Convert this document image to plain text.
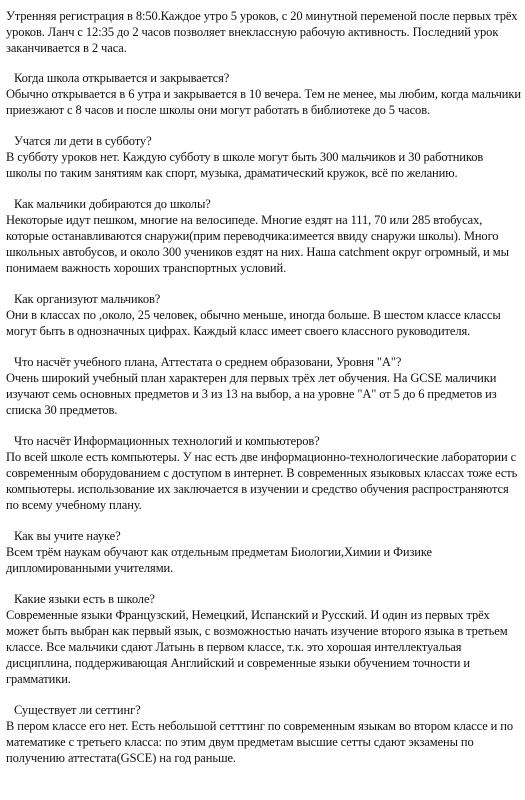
Утренняя регистрация в 8:50.Каждое утро 5 уроков, с 20 минутной переменой после первых трёх уроков. Ланч с 12:35 до 2 часов позволяет внеклассную рабочую активность. Последний урок заканчивается в 2 часа.

Когда школа открывается и закрывается?
Обычно открывается в 6 утра и закрывается в 10 вечера. Тем не менее, мы любим, когда мальчики приезжают с 8 часов и после школы они могут работать в библиотеке до 5 часов.
Учатся ли дети в субботу?
В субботу уроков нет. Каждую субботу в школе могут быть 300 мальчиков и 30 работников школы по таким занятиям как спорт, музыка, драматический кружок, всё по желанию.
Как мальчики добираются до школы?
Некоторые идут пешком, многие на велосипеде. Многие ездят на 111, 70 или 285 втобусах, которые останавливаются снаружи(прим переводчика:имеется ввиду снаружи школы). Много школьных автобусов, и около 300 учеников ездят на них. Наша catchment округ огромный, и мы понимаем важность хороших транспортных условий.
Как организуют мальчиков?
Они в классах по ,около, 25 человек, обычно меньше, иногда больше. В шестом классе классы могут быть в однозначных цифрах. Каждый класс имеет своего классного руководителя.
Что насчёт учебного плана, Аттестата о среднем образовани, Уровня "А"?
Очень широкий учебный план характерен для первых трёх лет обучения. На GCSE маличики изучают семь основных предметов и 3 из 13 на выбор, а на уровне "А" от 5 до 6 предметов из списка 30 предметов.
Что насчёт Информационных технологий и компьютеров?
По всей школе есть компьютеры. У нас есть две информационно-технологические лаборатории с современным оборудованием с доступом в интернет. В современных языковых классах тоже есть компьютеры. использование их заключается в изучении и средство обучения распространяются по всему учебному плану.
Как вы учите науке?
Всем трём наукам обучают как отдельным предметам Биологии,Химии и Физике дипломированными учителями.
Какие языки есть в школе?
Современные языки Французский, Немецкий, Испанский и Русский. И один из первых трёх может быть выбран как первый язык, с возможностью начать изучение второго языка в третьем классе. Все мальчики сдают Латынь в первом классе, т.к. это хорошая интеллектуальая дисциплина, поддерживающая Английский и современные языки обучением точности и грамматики.
Существует ли сеттинг?
В пером классе его нет. Есть небольшой сетттинг по современным языкам во втором классе и по математике с третьего класса: по этим двум предметам высшие сетты сдают экзамены по получению аттестата(GSCE) на год раньше.
